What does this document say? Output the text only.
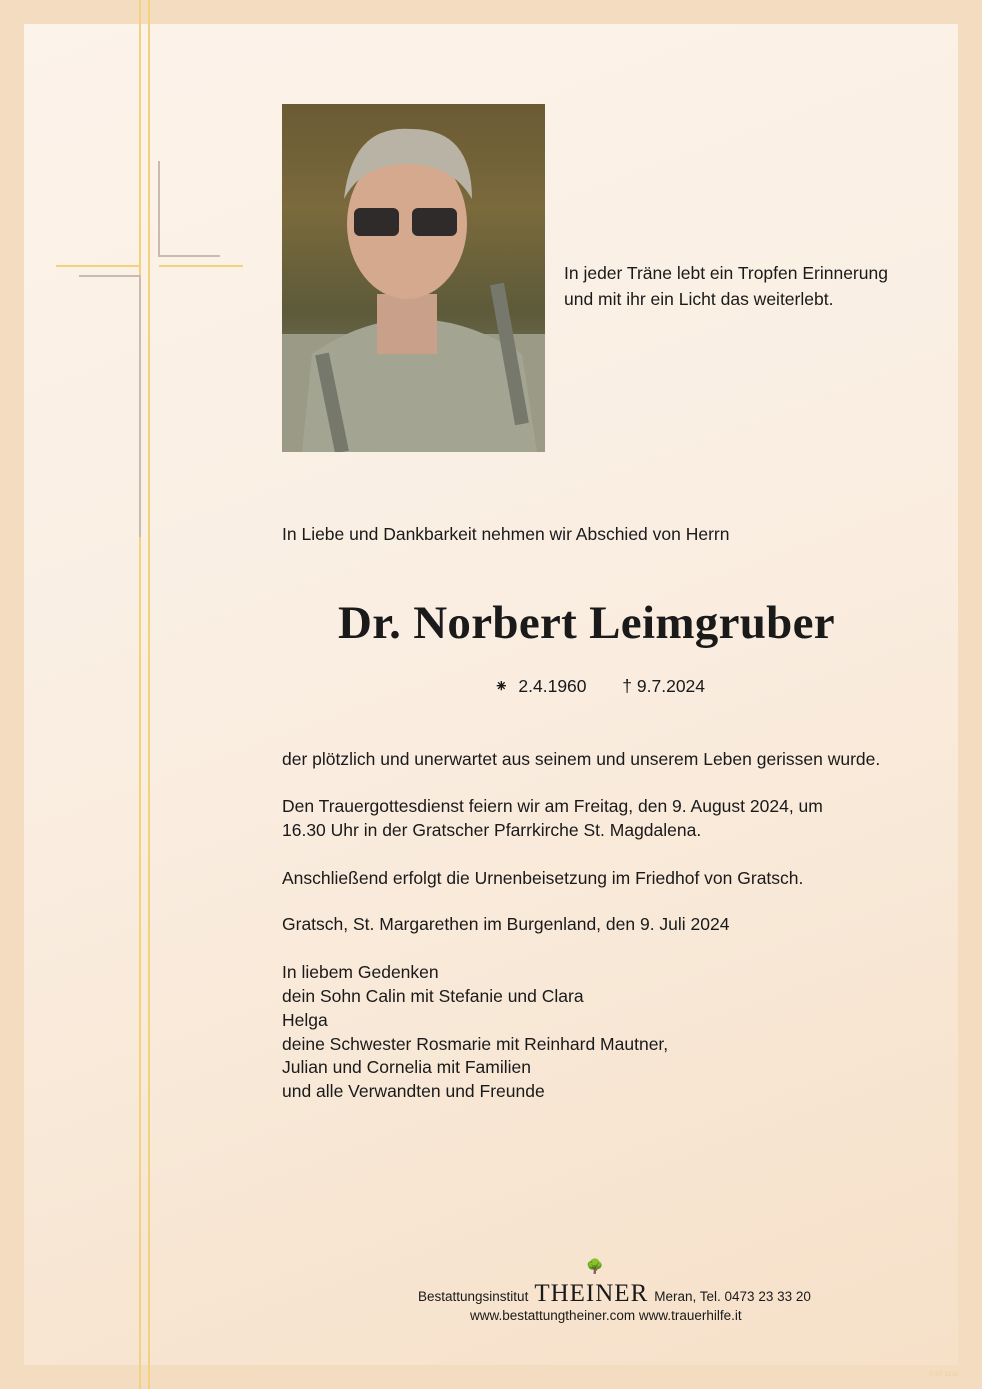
In jeder Träne lebt ein Tropfen Erinnerung
und mit ihr ein Licht das weiterlebt.
In Liebe und Dankbarkeit nehmen wir Abschied von Herrn
Dr. Norbert Leimgruber
⁕ 2.4.1960 † 9.7.2024
der plötzlich und unerwartet aus seinem und unserem Leben gerissen wurde.
Den Trauergottesdienst feiern wir am Freitag, den 9. August 2024, um
16.30 Uhr in der Gratscher Pfarrkirche St. Magdalena.
Anschließend erfolgt die Urnenbeisetzung im Friedhof von Gratsch.
Gratsch, St. Margarethen im Burgenland, den 9. Juli 2024
In liebem Gedenken
dein Sohn Calin mit Stefanie und Clara
Helga
deine Schwester Rosmarie mit Reinhard Mautner,
Julian und Cornelia mit Familien
und alle Verwandten und Freunde
🌳
Bestattungsinstitut THEINER Meran, Tel. 0473 23 33 20
www.bestattungtheiner.com www.trauerhilfe.it
© EF 8126
